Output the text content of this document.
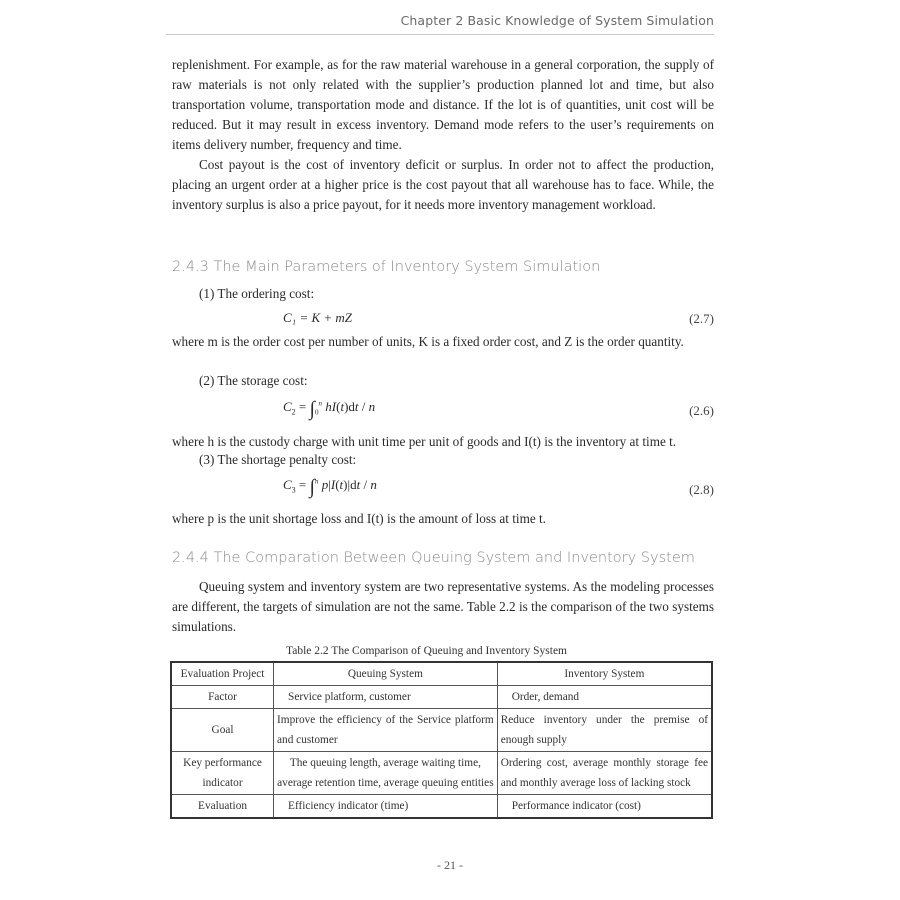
Chapter 2 Basic Knowledge of System Simulation

replenishment. For example, as for the raw material warehouse in a general corporation, the supply of raw materials is not only related with the supplier’s production planned lot and time, but also transportation volume, transportation mode and distance. If the lot is of quantities, unit cost will be reduced. But it may result in excess inventory. Demand mode refers to the user’s requirements on items delivery number, frequency and time.

Cost payout is the cost of inventory deficit or surplus. In order not to affect the production, placing an urgent order at a higher price is the cost payout that all warehouse has to face. While, the inventory surplus is also a price payout, for it needs more inventory management workload.

2.4.3 The Main Parameters of Inventory System Simulation
(1) The ordering cost:
C₁ = K + mZ	(2.7)
where m is the order cost per number of units, K is a fixed order cost, and Z is the order quantity.
(2) The storage cost:
$C_2 = \int_0^n$ hI(t)dt / n	(2.6)
where h is the custody charge with unit time per unit of goods and I(t) is the inventory at time t.
(3) The shortage penalty cost:
$C_3 = \int^n$ p|I(t)|dt / n	(2.8)
where p is the unit shortage loss and I(t) is the amount of loss at time t.
2.4.4 The Comparation Between Queuing System and Inventory System
Queuing system and inventory system are two representative systems. As the modeling processes are different, the targets of simulation are not the same. Table 2.2 is the comparison of the two systems simulations.
Table 2.2 The Comparison of Queuing and Inventory System
Evaluation Project	Queuing System	Inventory System
Factor	Service platform, customer	Order, demand
Goal	Improve the efficiency of the Service platform and customer	Reduce inventory under the premise of enough supply
Key performance indicator	The queuing length, average waiting time, average retention time, average queuing entities	Ordering cost, average monthly storage fee and monthly average loss of lacking stock
Evaluation	Efficiency indicator (time)	Performance indicator (cost)
- 21 -
